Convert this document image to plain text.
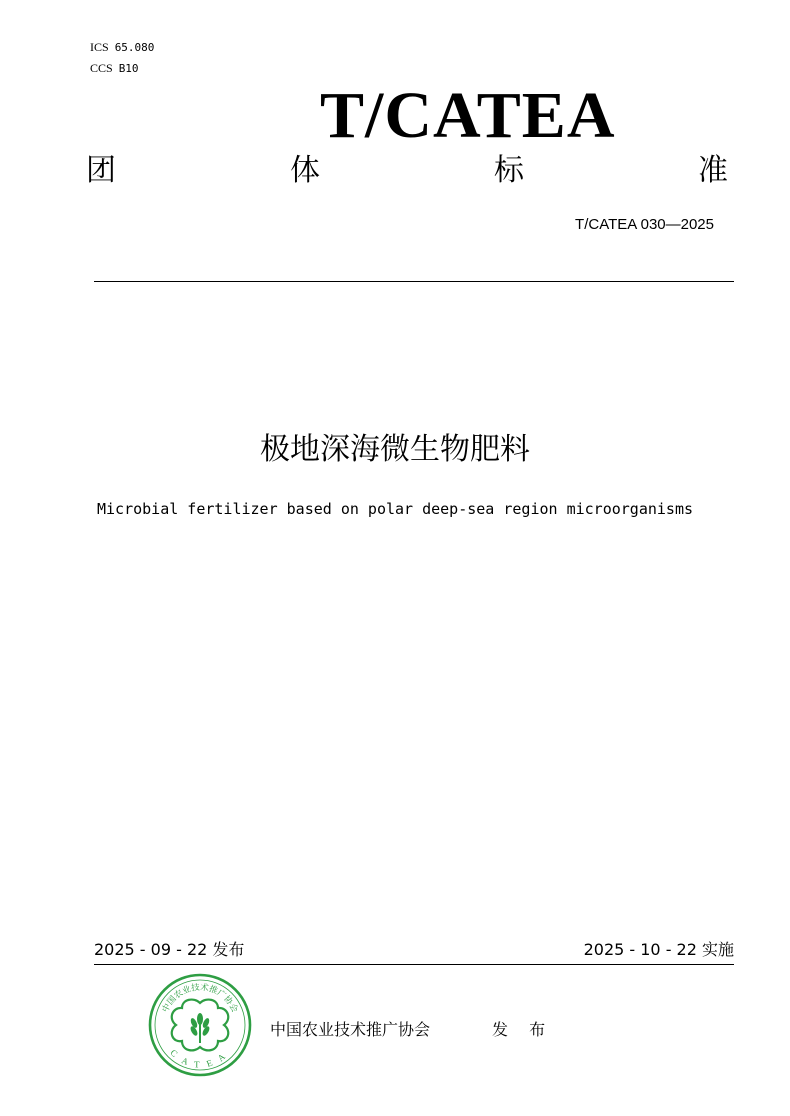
ICS 65.080
CCS B10
T/CATEA
团	体	标	准
T/CATEA 030—2025
极地深海微生物肥料
Microbial fertilizer based on polar deep-sea region microorganisms
2025 - 09 - 22 发布	2025 - 10 - 22 实施
中国农业技术推广协会
CATEA
中国农业技术推广协会	发 布
